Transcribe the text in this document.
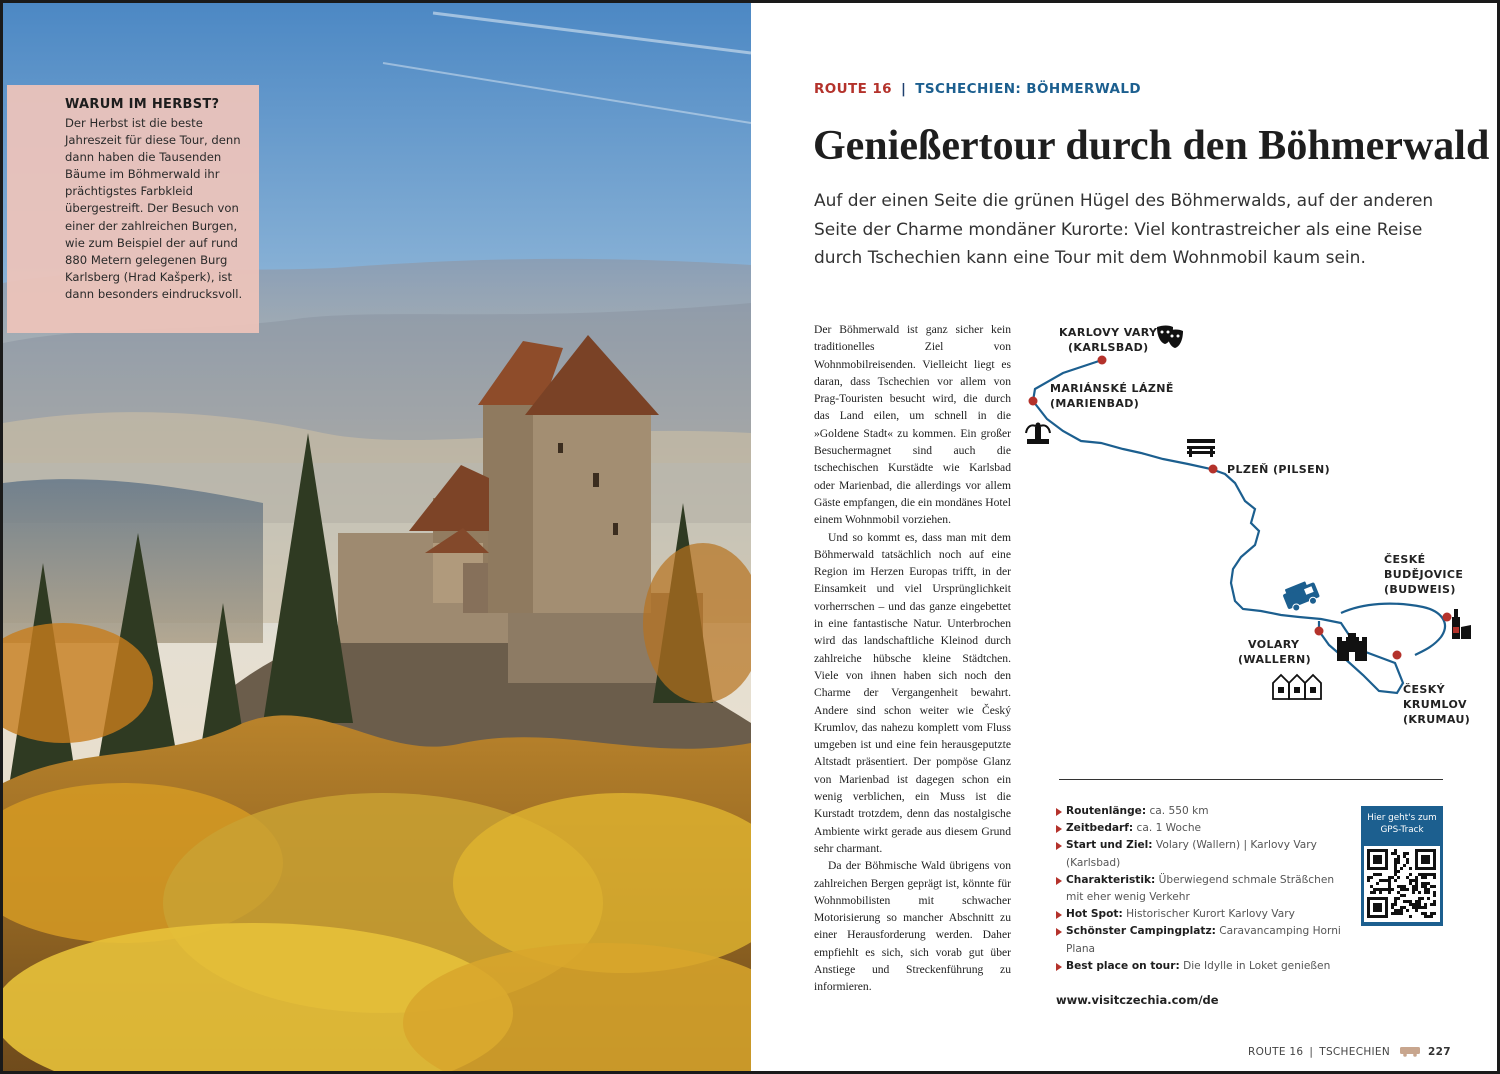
WARUM IM HERBST?

Der Herbst ist die beste Jahreszeit für diese Tour, denn dann haben die Tausenden Bäume im Böhmerwald ihr prächtigstes Farbkleid übergestreift. Der Besuch von einer der zahlreichen Burgen, wie zum Beispiel der auf rund 880 Metern gelegenen Burg Karlsberg (Hrad Kašperk), ist dann besonders eindrucksvoll.
ROUTE 16 | TSCHECHIEN: BÖHMERWALD
Genießertour durch den Böhmerwald

Auf der einen Seite die grünen Hügel des Böhmerwalds, auf der anderen Seite der Charme mondäner Kurorte: Viel kontrastreicher als eine Reise durch Tschechien kann eine Tour mit dem Wohnmobil kaum sein.

Der Böhmerwald ist ganz sicher kein traditionelles Ziel von Wohnmobilreisenden. Vielleicht liegt es daran, dass Tschechien vor allem von Prag-Touristen besucht wird, die durch das Land eilen, um schnell in die »Goldene Stadt« zu kommen. Ein großer Besuchermagnet sind auch die tschechischen Kurstädte wie Karlsbad oder Marienbad, die allerdings vor allem Gäste empfangen, die ein mondänes Hotel einem Wohnmobil vorziehen.

Und so kommt es, dass man mit dem Böhmerwald tatsächlich noch auf eine Region im Herzen Europas trifft, in der Einsamkeit und viel Ursprünglichkeit vorherrschen – und das ganze eingebettet in eine fantastische Natur. Unterbrochen wird das landschaftliche Kleinod durch zahlreiche hübsche kleine Städtchen. Viele von ihnen haben sich noch den Charme der Vergangenheit bewahrt. Andere sind schon weiter wie Český Krumlov, das nahezu komplett vom Fluss umgeben ist und eine fein herausgeputzte Altstadt präsentiert. Der pompöse Glanz von Marienbad ist dagegen schon ein wenig verblichen, ein Muss ist die Kurstadt trotzdem, denn das nostalgische Ambiente wirkt gerade aus diesem Grund sehr charmant.

Da der Böhmische Wald übrigens von zahlreichen Bergen geprägt ist, könnte für Wohnmobilisten mit schwacher Motorisierung so mancher Abschnitt zu einer Herausforderung werden. Daher empfiehlt es sich, sich vorab gut über Anstiege und Streckenführung zu informieren.

KARLOVY VARY
(KARLSBAD)
MARIÁNSKÉ LÁZNĚ
(MARIENBAD)
PLZEŇ (PILSEN)
ČESKÉ
BUDĚJOVICE
(BUDWEIS)
ČESKÝ
KRUMLOV
(KRUMAU)
VOLARY
(WALLERN)
Routenlänge: ca. 550 km
Zeitbedarf: ca. 1 Woche
Start und Ziel: Volary (Wallern) | Karlovy Vary (Karlsbad)
Charakteristik: Überwiegend schmale Sträßchen mit eher wenig Verkehr
Hot Spot: Historischer Kurort Karlovy Vary
Schönster Campingplatz: Caravancamping Horni Plana
Best place on tour: Die Idylle in Loket genießen
www.visitczechia.com/de
Hier geht's zum GPS-Track
ROUTE 16 | TSCHECHIEN	227
